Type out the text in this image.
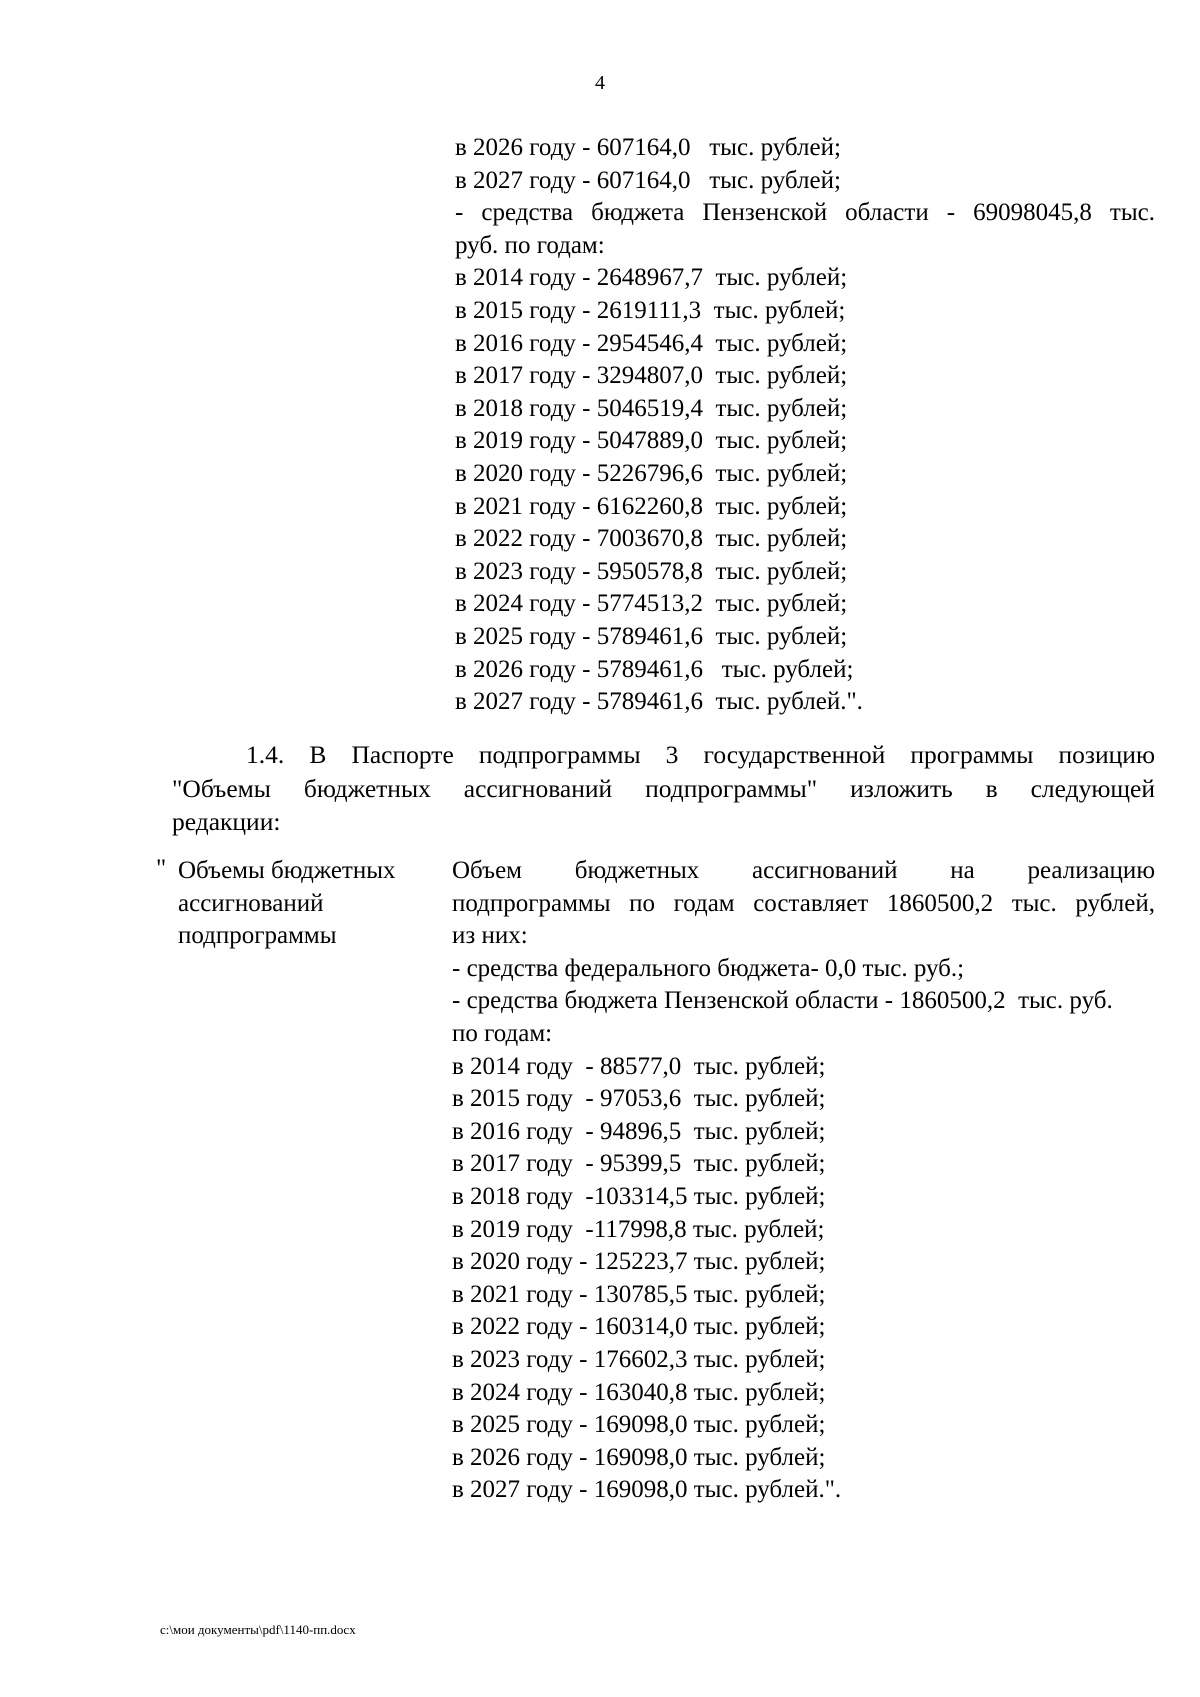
4
в 2026 году - 607164,0   тыс. рублей;
в 2027 году - 607164,0   тыс. рублей;
- средства бюджета Пензенской области - 69098045,8 тыс.
руб. по годам:
в 2014 году - 2648967,7  тыс. рублей;
в 2015 году - 2619111,3  тыс. рублей;
в 2016 году - 2954546,4  тыс. рублей;
в 2017 году - 3294807,0  тыс. рублей;
в 2018 году - 5046519,4  тыс. рублей;
в 2019 году - 5047889,0  тыс. рублей;
в 2020 году - 5226796,6  тыс. рублей;
в 2021 году - 6162260,8  тыс. рублей;
в 2022 году - 7003670,8  тыс. рублей;
в 2023 году - 5950578,8  тыс. рублей;
в 2024 году - 5774513,2  тыс. рублей;
в 2025 году - 5789461,6  тыс. рублей;
в 2026 году - 5789461,6   тыс. рублей;
в 2027 году - 5789461,6  тыс. рублей.".
1.4. В Паспорте подпрограммы 3 государственной программы позицию
"Объемы бюджетных ассигнований подпрограммы" изложить в следующей
редакции:
" Объемы бюджетных
ассигнований
подпрограммы
Объем бюджетных ассигнований на реализацию
подпрограммы по годам составляет 1860500,2 тыс. рублей,
из них:
- средства федерального бюджета- 0,0 тыс. руб.;
- средства бюджета Пензенской области - 1860500,2  тыс. руб.
по годам:
в 2014 году  - 88577,0  тыс. рублей;
в 2015 году  - 97053,6  тыс. рублей;
в 2016 году  - 94896,5  тыс. рублей;
в 2017 году  - 95399,5  тыс. рублей;
в 2018 году  -103314,5 тыс. рублей;
в 2019 году  -117998,8 тыс. рублей;
в 2020 году - 125223,7 тыс. рублей;
в 2021 году - 130785,5 тыс. рублей;
в 2022 году - 160314,0 тыс. рублей;
в 2023 году - 176602,3 тыс. рублей;
в 2024 году - 163040,8 тыс. рублей;
в 2025 году - 169098,0 тыс. рублей;
в 2026 году - 169098,0 тыс. рублей;
в 2027 году - 169098,0 тыс. рублей.".
c:\мои документы\pdf\1140-пп.docx
